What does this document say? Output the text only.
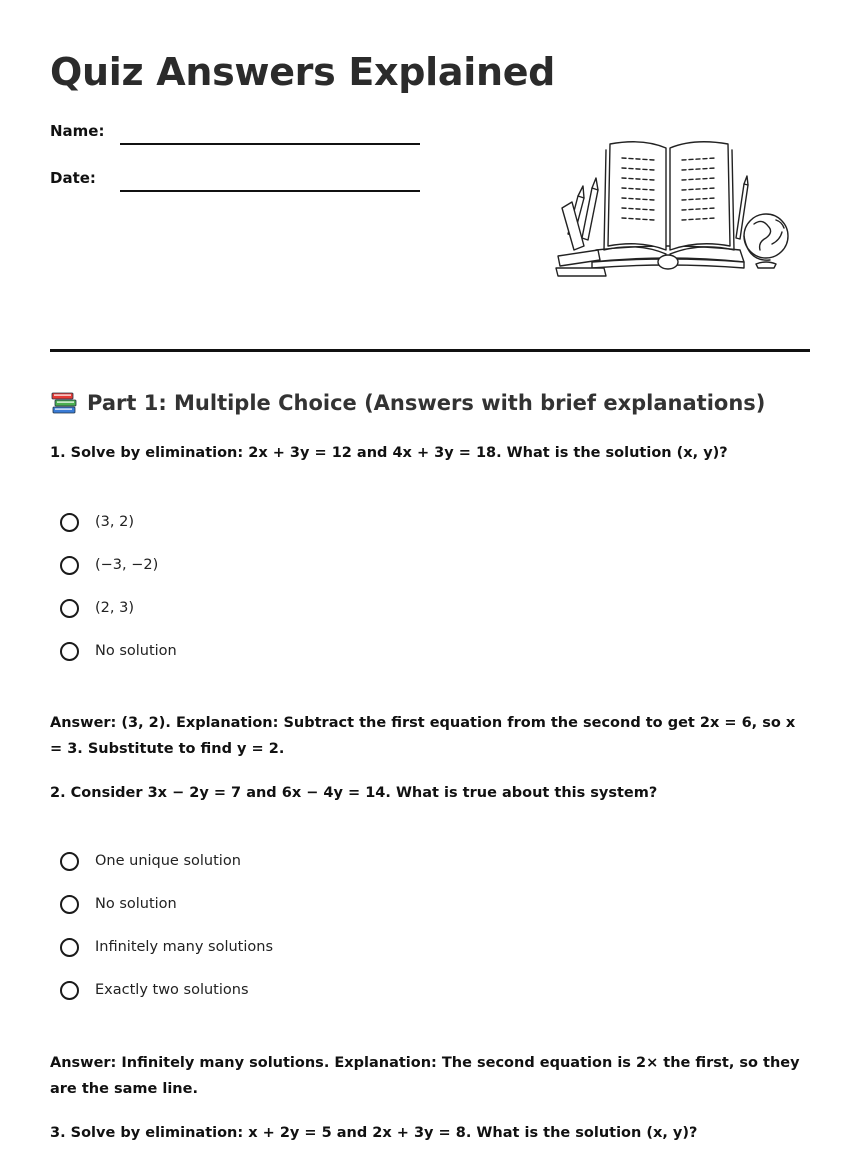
Quiz Answers Explained
Name:
Date:
Part 1: Multiple Choice (Answers with brief explanations)

1. Solve by elimination: 2x + 3y = 12 and 4x + 3y = 18. What is the solution (x, y)?

(3, 2)
(−3, −2)
(2, 3)
No solution

Answer: (3, 2). Explanation: Subtract the first equation from the second to get 2x = 6, so x = 3. Substitute to find y = 2.

2. Consider 3x − 2y = 7 and 6x − 4y = 14. What is true about this system?

One unique solution
No solution
Infinitely many solutions
Exactly two solutions

Answer: Infinitely many solutions. Explanation: The second equation is 2× the first, so they are the same line.

3. Solve by elimination: x + 2y = 5 and 2x + 3y = 8. What is the solution (x, y)?
